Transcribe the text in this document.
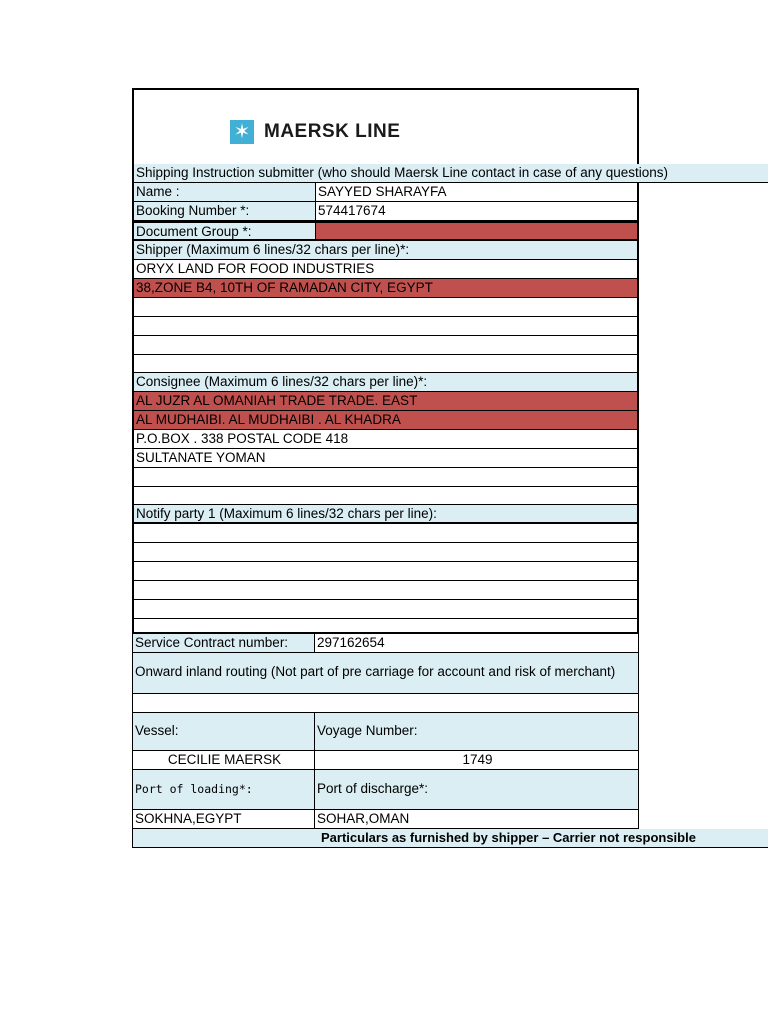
✶ MAERSK LINE
Shipping Instruction submitter (who should Maersk Line contact in case of any questions)
Name :	SAYYED SHARAYFA
Booking Number *:	574417674
Document Group *:
Shipper (Maximum 6 lines/32 chars per line)*:
ORYX LAND FOR FOOD INDUSTRIES
38,ZONE B4, 10TH OF RAMADAN CITY, EGYPT
Consignee (Maximum 6 lines/32 chars per line)*:
AL JUZR AL OMANIAH TRADE TRADE. EAST
AL MUDHAIBI. AL MUDHAIBI . AL KHADRA
P.O.BOX . 338 POSTAL CODE 418
SULTANATE YOMAN
Notify party 1 (Maximum 6 lines/32 chars per line):
Service Contract number:	297162654
Onward inland routing (Not part of pre carriage for account and risk of merchant)
Vessel:	Voyage Number:
CECILIE MAERSK	1749
Port of loading*:	Port of discharge*:
SOKHNA,EGYPT	SOHAR,OMAN
Particulars as furnished by shipper – Carrier not responsible
